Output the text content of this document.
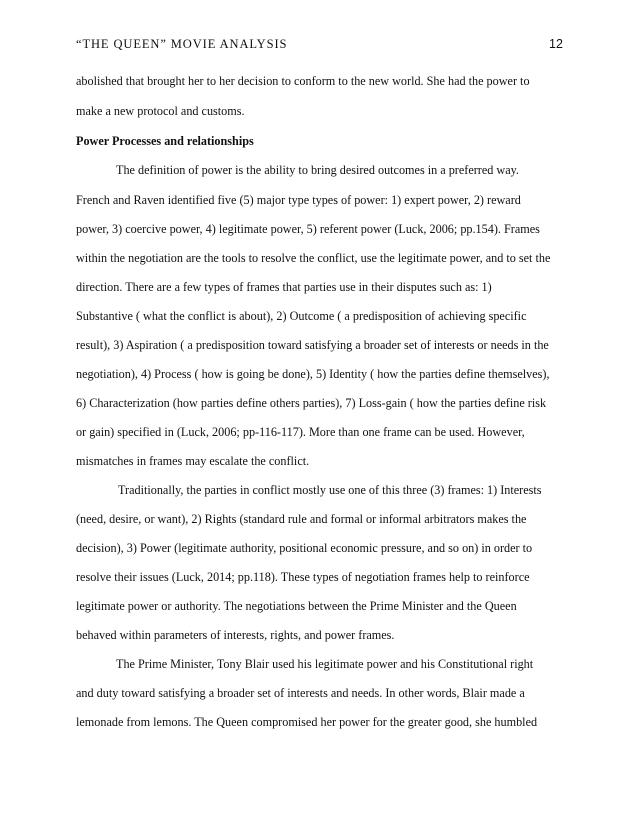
“THE QUEEN” MOVIE ANALYSIS	12
abolished that brought her to her decision to conform to the new world. She had the power to
make a new protocol and customs.
Power Processes and relationships
The definition of power is the ability to bring desired outcomes in a preferred way.
French and Raven identified five (5) major type types of power: 1) expert power, 2) reward
power, 3) coercive power, 4) legitimate power, 5) referent power (Luck, 2006; pp.154). Frames
within the negotiation are the tools to resolve the conflict, use the legitimate power, and to set the
direction. There are a few types of frames that parties use in their disputes such as: 1)
Substantive ( what the conflict is about), 2) Outcome ( a predisposition of achieving specific
result), 3) Aspiration ( a predisposition toward satisfying a broader set of interests or needs in the
negotiation), 4) Process ( how is going be done), 5) Identity ( how the parties define themselves),
6) Characterization (how parties define others parties), 7) Loss-gain ( how the parties define risk
or gain) specified in (Luck, 2006; pp-116-117). More than one frame can be used. However,
mismatches in frames may escalate the conflict.
Traditionally, the parties in conflict mostly use one of this three (3) frames: 1) Interests
(need, desire, or want), 2) Rights (standard rule and formal or informal arbitrators makes the
decision), 3) Power (legitimate authority, positional economic pressure, and so on) in order to
resolve their issues (Luck, 2014; pp.118). These types of negotiation frames help to reinforce
legitimate power or authority. The negotiations between the Prime Minister and the Queen
behaved within parameters of interests, rights, and power frames.
The Prime Minister, Tony Blair used his legitimate power and his Constitutional right
and duty toward satisfying a broader set of interests and needs. In other words, Blair made a
lemonade from lemons. The Queen compromised her power for the greater good, she humbled
